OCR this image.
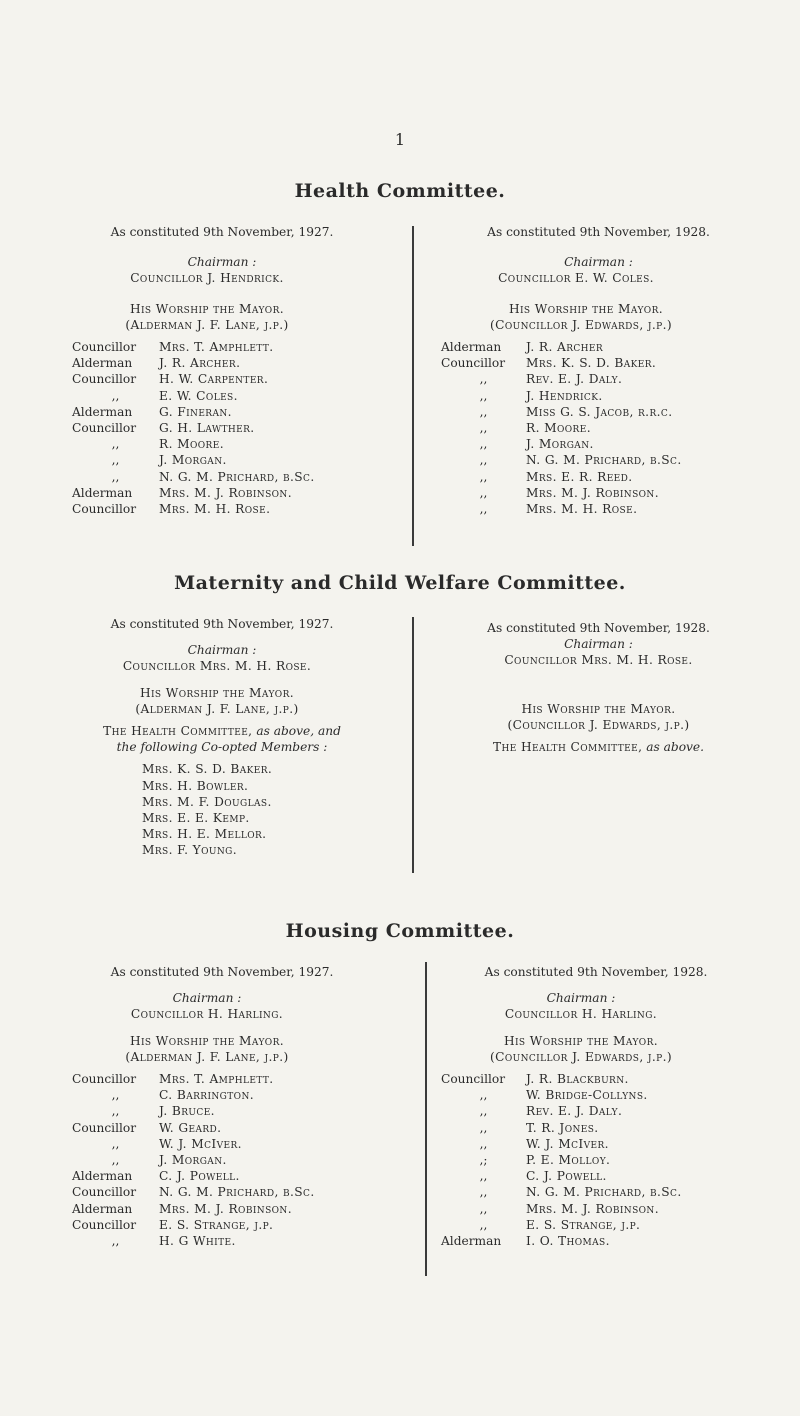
1
Health Committee.
As constituted 9th November, 1927.
Chairman :
Councillor J. Hendrick.
His Worship the Mayor.
(Alderman J. F. Lane, j.p.)
Councillor	Mrs. T. Amphlett.
Alderman	J. R. Archer.
Councillor	H. W. Carpenter.
,,	E. W. Coles.
Alderman	G. Fineran.
Councillor	G. H. Lawther.
,,	R. Moore.
,,	J. Morgan.
,,	N. G. M. Prichard, b.Sc.
Alderman	Mrs. M. J. Robinson.
Councillor	Mrs. M. H. Rose.
As constituted 9th November, 1928.
Chairman :
Councillor E. W. Coles.
His Worship the Mayor.
(Councillor J. Edwards, j.p.)
Alderman	J. R. Archer
Councillor	Mrs. K. S. D. Baker.
,,	Rev. E. J. Daly.
,,	J. Hendrick.
,,	Miss G. S. Jacob, r.r.c.
,,	R. Moore.
,,	J. Morgan.
,,	N. G. M. Prichard, b.Sc.
,,	Mrs. E. R. Reed.
,,	Mrs. M. J. Robinson.
,,	Mrs. M. H. Rose.
Maternity and Child Welfare Committee.
As constituted 9th November, 1927.
Chairman :
Councillor Mrs. M. H. Rose.
His Worship the Mayor.
(Alderman J. F. Lane, j.p.)
The Health Committee, as above, and
the following Co-opted Members :
Mrs. K. S. D. Baker.
Mrs. H. Bowler.
Mrs. M. F. Douglas.
Mrs. E. E. Kemp.
Mrs. H. E. Mellor.
Mrs. F. Young.
As constituted 9th November, 1928.
Chairman :
Councillor Mrs. M. H. Rose.
His Worship the Mayor.
(Councillor J. Edwards, j.p.)
The Health Committee, as above.
Housing Committee.
As constituted 9th November, 1927.
Chairman :
Councillor H. Harling.
His Worship the Mayor.
(Alderman J. F. Lane, j.p.)
Councillor	Mrs. T. Amphlett.
,,	C. Barrington.
,,	J. Bruce.
Councillor	W. Geard.
,,	W. J. McIver.
,,	J. Morgan.
Alderman	C. J. Powell.
Councillor	N. G. M. Prichard, b.Sc.
Alderman	Mrs. M. J. Robinson.
Councillor	E. S. Strange, j.p.
,,	H. G White.
As constituted 9th November, 1928.
Chairman :
Councillor H. Harling.
His Worship the Mayor.
(Councillor J. Edwards, j.p.)
Councillor	J. R. Blackburn.
,,	W. Bridge-Collyns.
,,	Rev. E. J. Daly.
,,	T. R. Jones.
,,	W. J. McIver.
,;	P. E. Molloy.
,,	C. J. Powell.
,,	N. G. M. Prichard, b.Sc.
,,	Mrs. M. J. Robinson.
,,	E. S. Strange, j.p.
Alderman	I. O. Thomas.
